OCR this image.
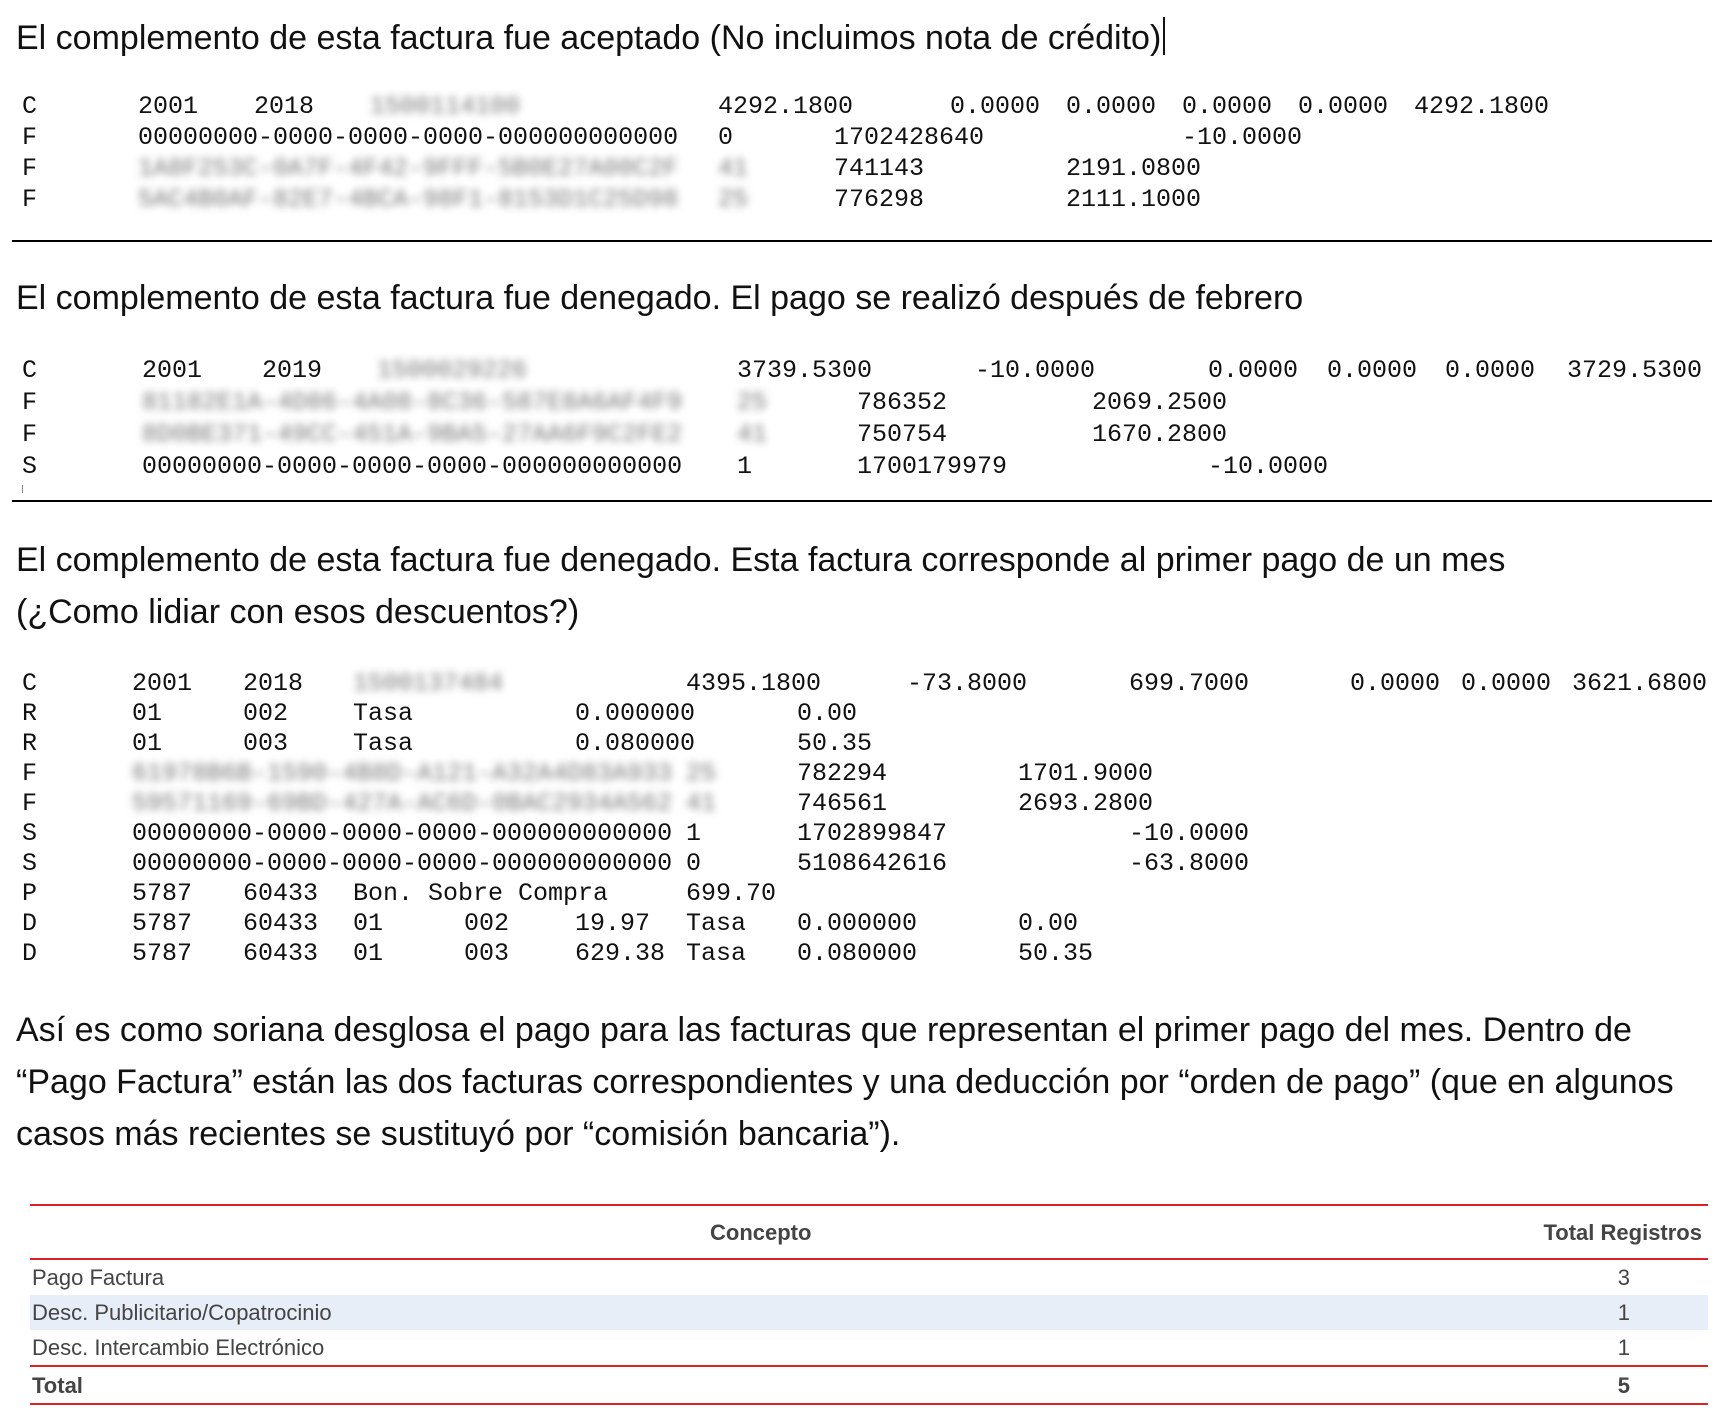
El complemento de esta factura fue aceptado (No incluimos nota de crédito)
C	2001 2018 1500114100	4292.1800	0.0000 0.0000 0.0000 0.0000 4292.1800
F	00000000-0000-0000-0000-000000000000 0	1702428640	-10.0000
F	1A8F253C-0A7F-4F42-9FFF-5B0E27A00C2F 41	741143	2191.0800
F	5AC4B0AF-82E7-4BCA-98F1-8153D1C25D98 25	776298	2111.1000
El complemento de esta factura fue denegado. El pago se realizó después de febrero
C	2001 2019 1500029226	3739.5300	-10.0000	0.0000 0.0000 0.0000 3729.5300
F	81182E1A-4D86-4A08-8C36-587E8A6AF4F9 25	786352	2069.2500
F	8D0BE371-49CC-451A-9BA5-27AA6F9C2FE2 41	750754	1670.2800
S	00000000-0000-0000-0000-000000000000 1	1700179979	-10.0000
El complemento de esta factura fue denegado. Esta factura corresponde al primer pago de un mes
(¿Como lidiar con esos descuentos?)
C	2001 2018 1500137484	4395.1800	-73.8000	699.7000	0.0000 0.0000 3621.6800
R	01	002	Tasa	0.000000	0.00
R	01	003	Tasa	0.080000	50.35
F	61978B6B-1590-4B8D-A121-A32A4D83A933 25	782294	1701.9000
F	59571169-69BD-427A-AC6D-0BAC2934A562 41	746561	2693.2800
S	00000000-0000-0000-0000-000000000000 1	1702899847	-10.0000
S	00000000-0000-0000-0000-000000000000 0	5108642616	-63.8000
P	5787 60433 Bon. Sobre Compra	699.70
D	5787 60433 01	002	19.97 Tasa 0.000000	0.00
D	5787 60433 01	003	629.38 Tasa 0.080000	50.35
Así es como soriana desglosa el pago para las facturas que representan el primer pago del mes. Dentro de “Pago Factura” están las dos facturas correspondientes y una deducción por “orden de pago” (que en algunos casos más recientes se sustituyó por “comisión bancaria”).
Concepto	Total Registros
Pago Factura	3
Desc. Publicitario/Copatrocinio	1
Desc. Intercambio Electrónico	1
Total	5
